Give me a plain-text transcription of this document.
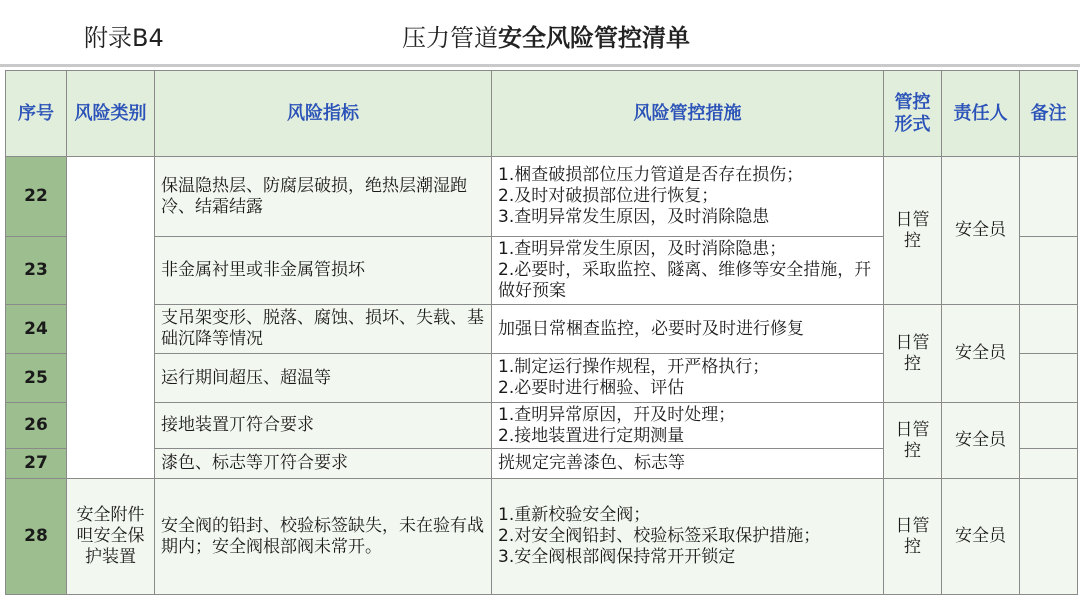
附录B4	压力管道安全风险管控清单
序号	风险类别	风险指标	风险管控措施	管控形式	责任人	备注
22		保温隐热层、防腐层破损，绝热层潮湿跑冷、结霜结露	1.梱查破损部位压力管道是否存在损伤；
2.及时对破损部位进行恢复；
3.查明异常发生原因，及时消除隐患	日管控	安全员	
23		非金属衬里或非金属管损坏	1.查明异常发生原因，及时消除隐患；
2.必要时，采取监控、隧离、维修等安全措施，幵做好预案			

24		支吊架变形、脱落、腐蚀、损坏、失载、基础沉降等情况	加强日常梱查监控，必要时及时进行修复	日管控	安全员	
25		运行期间超压、超温等	1.制定运行操作规程，开严格执行；
2.必要时进行梱验、评估			

26		接地装置丌符合要求	1.查明异常原因，幵及时处理；
2.接地装置进行定期测量	日管控	安全员	
27		漆色、标志等丌符合要求	挄规定完善漆色、标志等			

28	安全附件呾安全保护装置	安全阀的铅封、校验标签缺失，未在验有战期内；安全阀根部阀未常开。	1.重新校验安全阀；
2.对安全阀铅封、校验标签采取保护措施；
3.安全阀根部阀保持常开开锁定	日管控	安全员	
